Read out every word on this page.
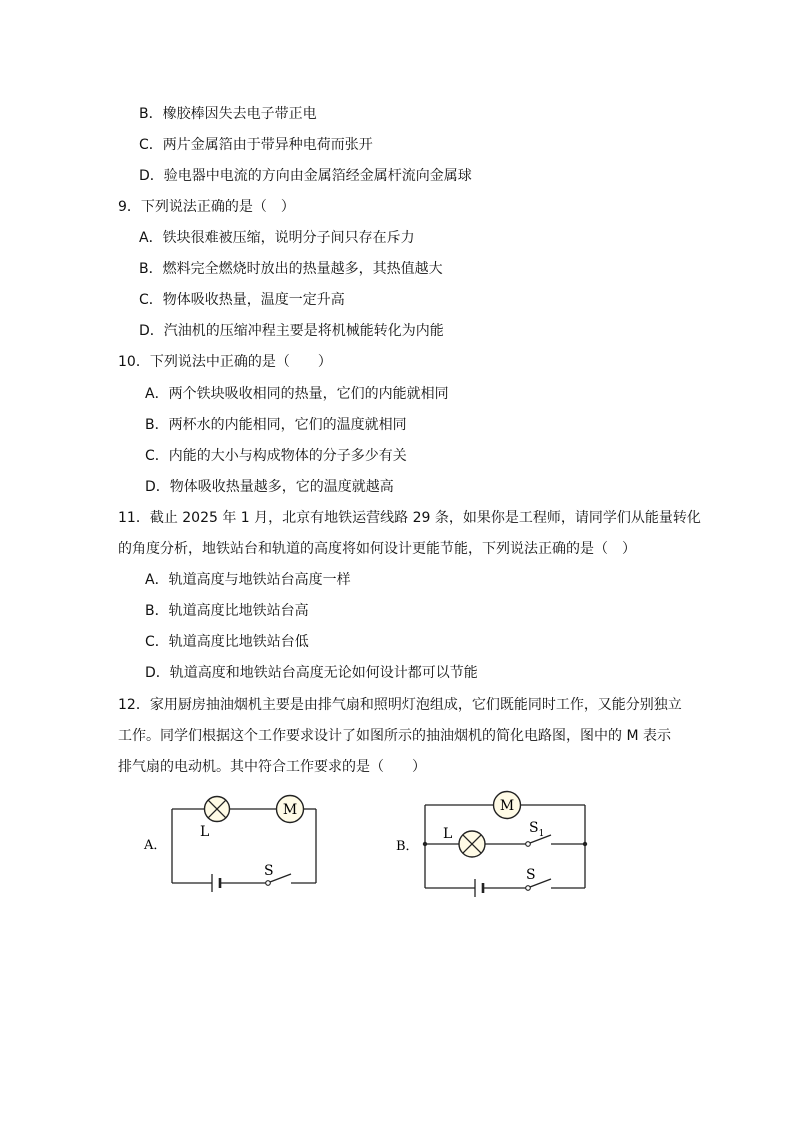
B．橡胶棒因失去电子带正电
C．两片金属箔由于带异种电荷而张开
D．验电器中电流的方向由金属箔经金属杆流向金属球
9．下列说法正确的是（　）
A．铁块很难被压缩，说明分子间只存在斥力
B．燃料完全燃烧时放出的热量越多，其热值越大
C．物体吸收热量，温度一定升高
D．汽油机的压缩冲程主要是将机械能转化为内能
10．下列说法中正确的是（　　）
A．两个铁块吸收相同的热量，它们的内能就相同
B．两杯水的内能相同，它们的温度就相同
C．内能的大小与构成物体的分子多少有关
D．物体吸收热量越多，它的温度就越高
11．截止 2025 年 1 月，北京有地铁运营线路 29 条，如果你是工程师，请同学们从能量转化
的角度分析，地铁站台和轨道的高度将如何设计更能节能，下列说法正确的是（　）
A．轨道高度与地铁站台高度一样
B．轨道高度比地铁站台高
C．轨道高度比地铁站台低
D．轨道高度和地铁站台高度无论如何设计都可以节能
12．家用厨房抽油烟机主要是由排气扇和照明灯泡组成，它们既能同时工作，又能分别独立
工作。同学们根据这个工作要求设计了如图所示的抽油烟机的简化电路图，图中的 M 表示
排气扇的电动机。其中符合工作要求的是（　　）
A．
L
M
S
B．
M
L	$S_1$
S
